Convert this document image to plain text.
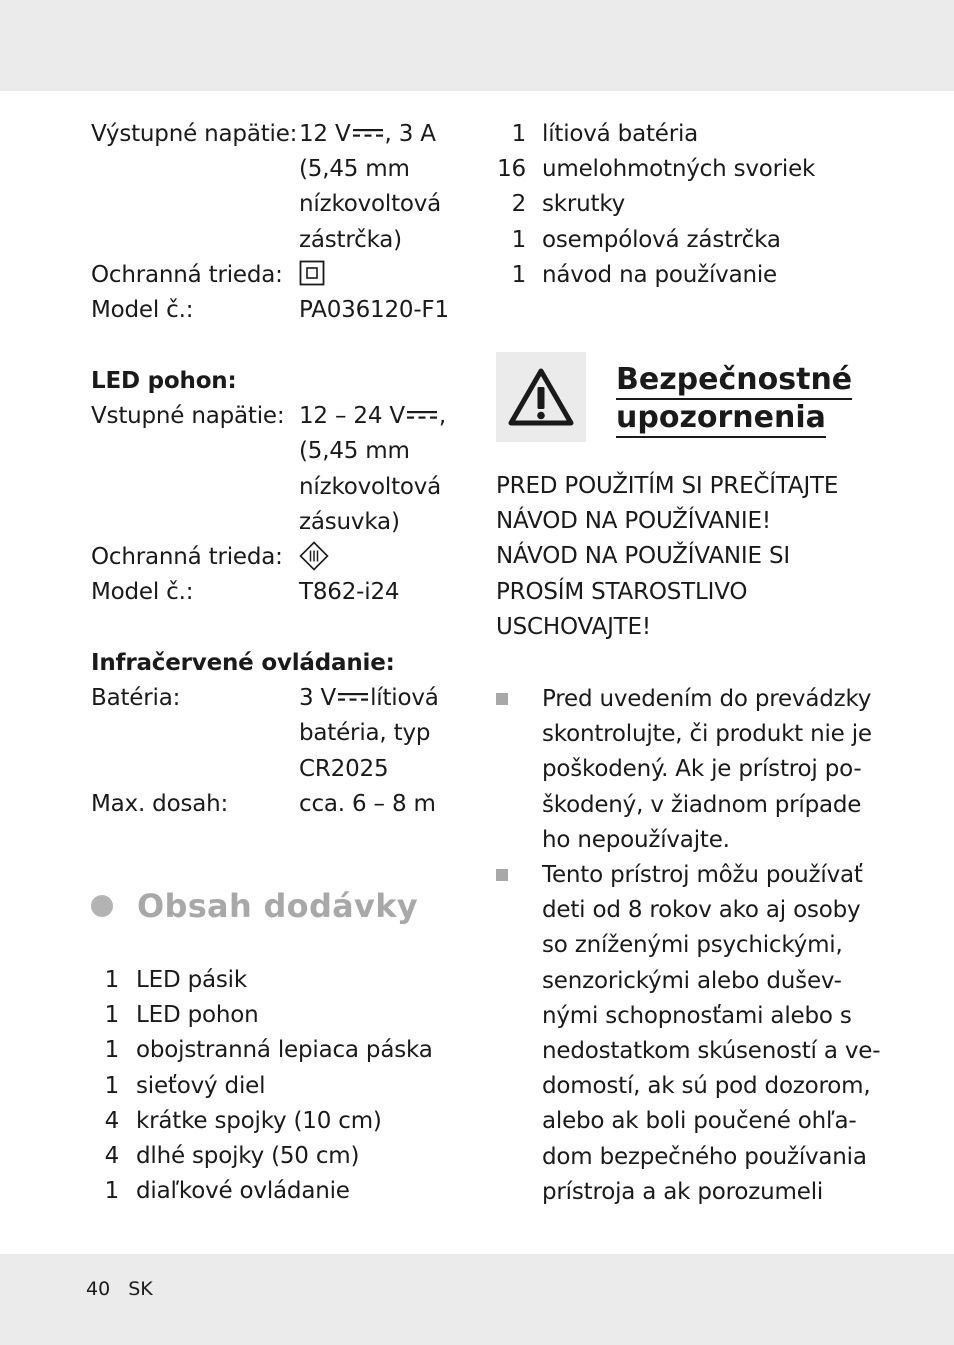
Výstupné napätie: 12 V , 3 A
(5,45 mm
nízkovoltová
zástrčka)
Ochranná trieda:
Model č.:	PA036120-F1
LED pohon:
Vstupné napätie: 12 – 24 V ,
(5,45 mm
nízkovoltová
zásuvka)
Ochranná trieda:
Model č.:	T862-i24
Infračervené ovládanie:
Batéria:	3 V lítiová
batéria, typ
CR2025
Max. dosah:	cca. 6 – 8 m
Obsah dodávky
1 LED pásik
1 LED pohon
1 obojstranná lepiaca páska
1 sieťový diel
4 krátke spojky (10 cm)
4 dlhé spojky (50 cm)
1 diaľkové ovládanie
1 lítiová batéria
16 umelohmotných svoriek
2 skrutky
1 osempólová zástrčka
1 návod na používanie
Bezpečnostné
upozornenia
PRED POUŽITÍM SI PREČÍTAJTE
NÁVOD NA POUŽÍVANIE!
NÁVOD NA POUŽÍVANIE SI
PROSÍM STAROSTLIVO
USCHOVAJTE!
Pred uvedením do prevádzky
skontrolujte, či produkt nie je
poškodený. Ak je prístroj po-
škodený, v žiadnom prípade
ho nepoužívajte.
Tento prístroj môžu používať
deti od 8 rokov ako aj osoby
so zníženými psychickými,
senzorickými alebo dušev-
nými schopnosťami alebo s
nedostatkom skúseností a ve-
domostí, ak sú pod dozorom,
alebo ak boli poučené ohľa-
dom bezpečného používania
prístroja a ak porozumeli
40 SK
